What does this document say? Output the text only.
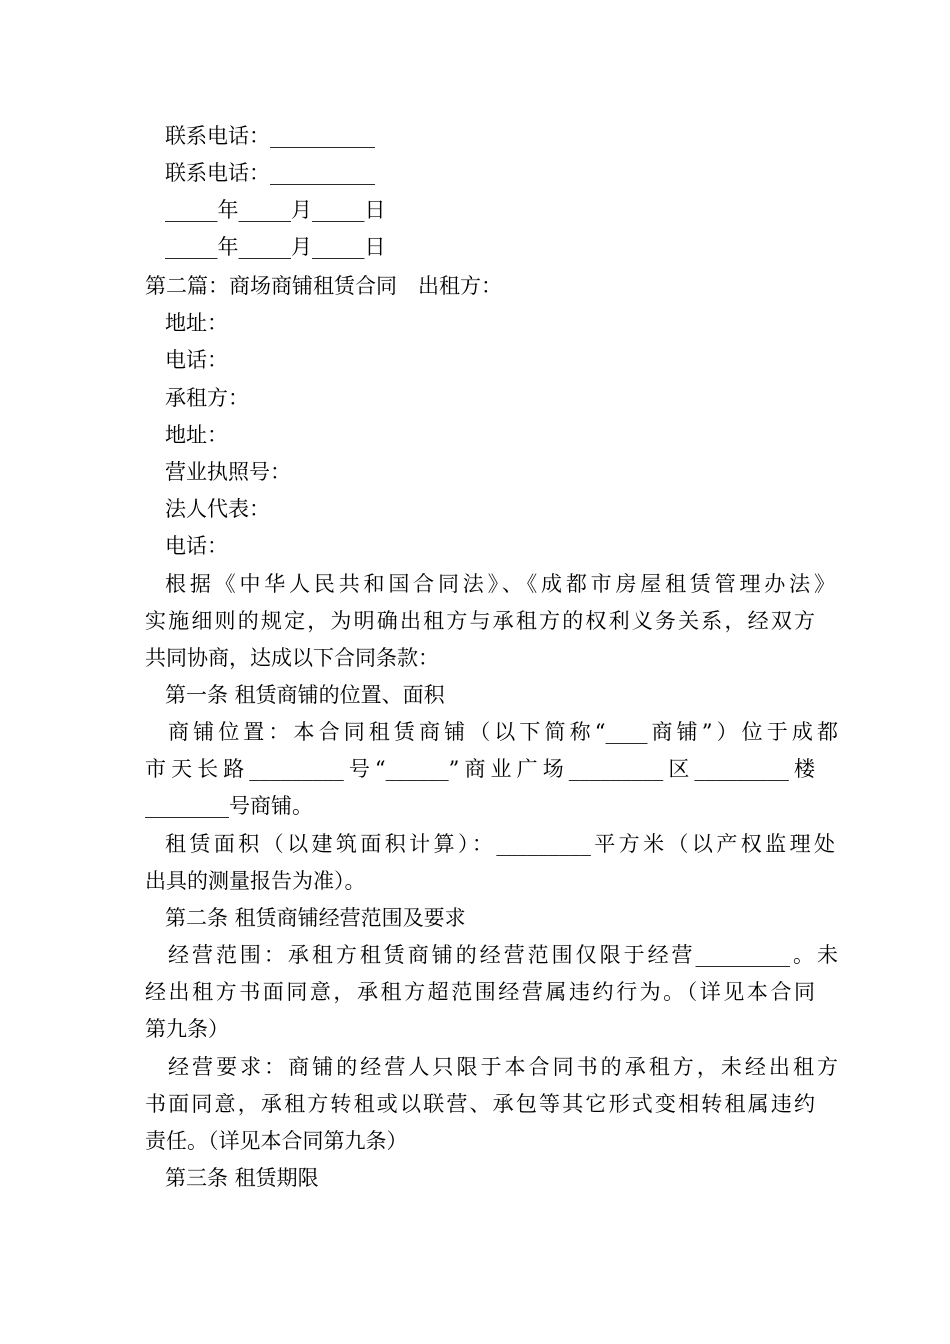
联系电话：__________
联系电话：__________
_____年_____月_____日
_____年_____月_____日
第二篇：商场商铺租赁合同　出租方：
地址：
电话：
承租方：
地址：
营业执照号：
法人代表：
电话：
根据《中华人民共和国合同法》、《成都市房屋租赁管理办法》
实施细则的规定，为明确出租方与承租方的权利义务关系，经双方
共同协商，达成以下合同条款：
第一条 租赁商铺的位置、面积
商铺位置：本合同租赁商铺（以下简称“____商铺”）位于成都
市天长路_________号“______”商业广场_________区_________楼
________号商铺。
租赁面积（以建筑面积计算）：_________平方米（以产权监理处
出具的测量报告为准）。
第二条 租赁商铺经营范围及要求
经营范围：承租方租赁商铺的经营范围仅限于经营_________。未
经出租方书面同意，承租方超范围经营属违约行为。（详见本合同
第九条）
经营要求：商铺的经营人只限于本合同书的承租方，未经出租方
书面同意，承租方转租或以联营、承包等其它形式变相转租属违约
责任。（详见本合同第九条）
第三条 租赁期限
